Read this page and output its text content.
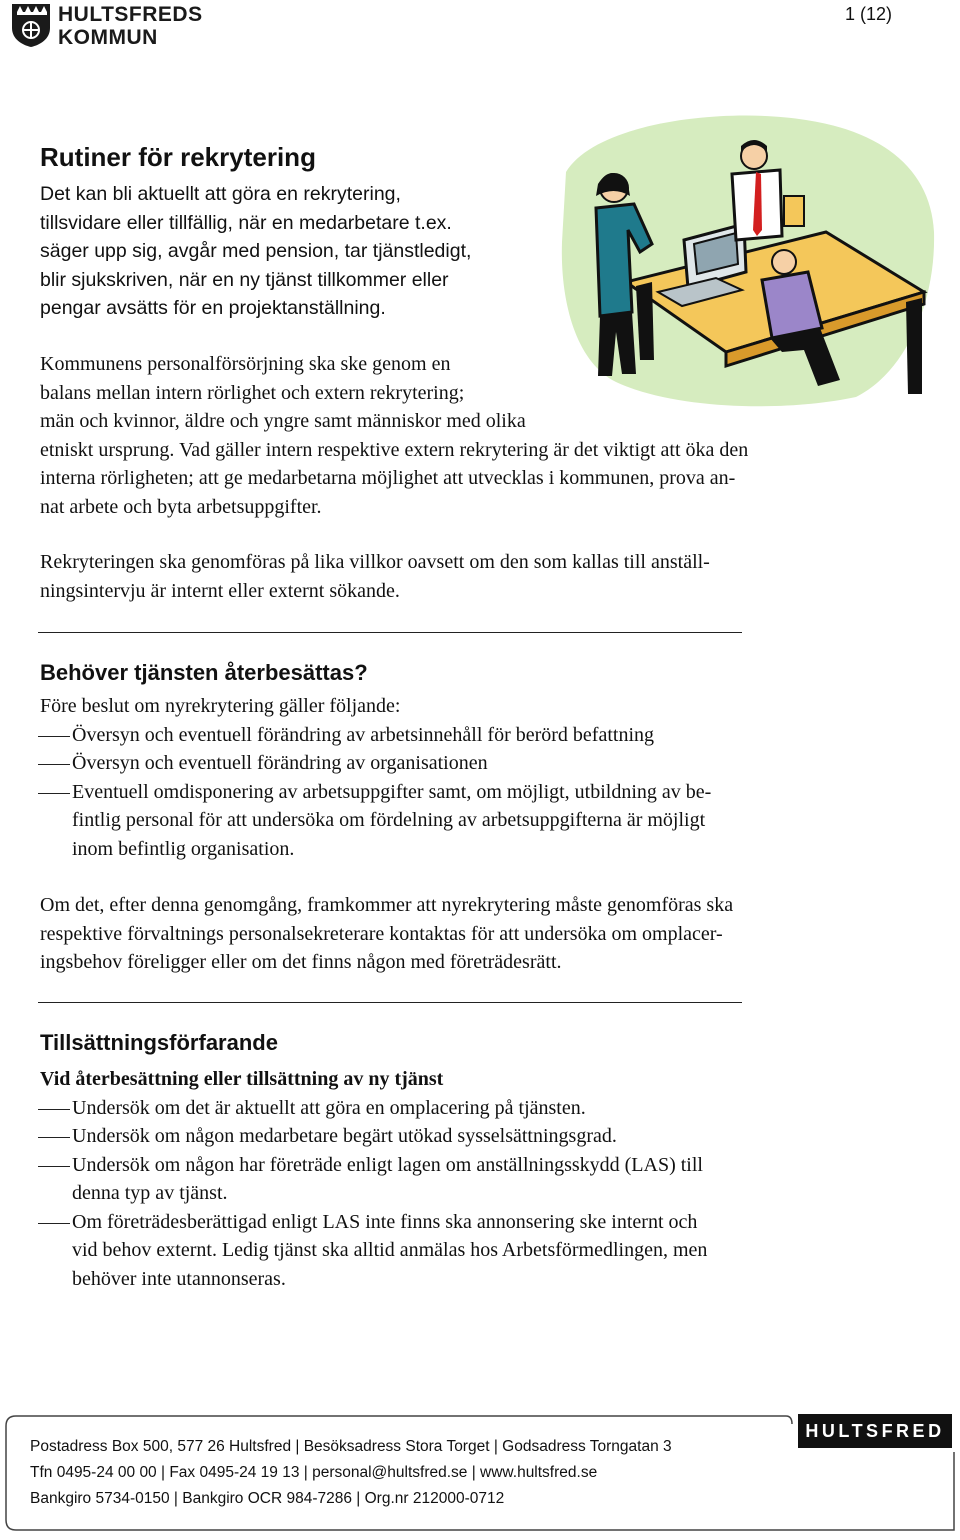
HULTSFREDS
KOMMUN
1 (12)
Rutiner för rekrytering

Det kan bli aktuellt att göra en rekrytering,

tillsvidare eller tillfällig, när en medarbetare t.ex.

säger upp sig, avgår med pension, tar tjänstledigt,

blir sjukskriven, när en ny tjänst tillkommer eller

pengar avsätts för en projektanställning.

Kommunens personalförsörjning ska ske genom en

balans mellan intern rörlighet och extern rekrytering;

män och kvinnor, äldre och yngre samt människor med olika

etniskt ursprung. Vad gäller intern respektive extern rekrytering är det viktigt att öka den

interna rörligheten; att ge medarbetarna möjlighet att utvecklas i kommunen, prova an-

nat arbete och byta arbetsuppgifter.

Rekryteringen ska genomföras på lika villkor oavsett om den som kallas till anställ-

ningsintervju är internt eller externt sökande.

Behöver tjänsten återbesättas?

Före beslut om nyrekrytering gäller följande:

Översyn och eventuell förändring av arbetsinnehåll för berörd befattning
Översyn och eventuell förändring av organisationen
Eventuell omdisponering av arbetsuppgifter samt, om möjligt, utbildning av be-
fintlig personal för att undersöka om fördelning av arbetsuppgifterna är möjligt
inom befintlig organisation.

Om det, efter denna genomgång, framkommer att nyrekrytering måste genomföras ska

respektive förvaltnings personalsekreterare kontaktas för att undersöka om omplacer-

ingsbehov föreligger eller om det finns någon med företrädesrätt.

Tillsättningsförfarande

Vid återbesättning eller tillsättning av ny tjänst

Undersök om det är aktuellt att göra en omplacering på tjänsten.
Undersök om någon medarbetare begärt utökad sysselsättningsgrad.
Undersök om någon har företräde enligt lagen om anställningsskydd (LAS) till
denna typ av tjänst.
Om företrädesberättigad enligt LAS inte finns ska annonsering ske internt och
vid behov externt. Ledig tjänst ska alltid anmälas hos Arbetsförmedlingen, men
behöver inte utannonseras.
HULTSFRED
Postadress Box 500, 577 26 Hultsfred | Besöksadress Stora Torget | Godsadress Torngatan 3
Tfn 0495-24 00 00 | Fax 0495-24 19 13 | personal@hultsfred.se | www.hultsfred.se
Bankgiro 5734-0150 | Bankgiro OCR 984-7286 | Org.nr 212000-0712
